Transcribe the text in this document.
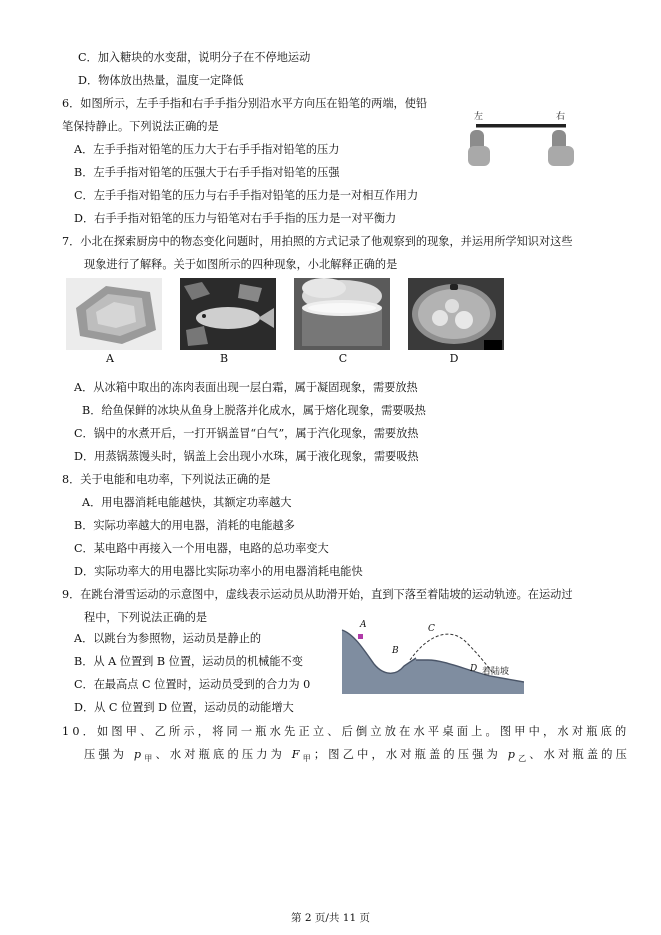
C．加入糖块的水变甜，说明分子在不停地运动
D．物体放出热量，温度一定降低
6．如图所示，左手手指和右手手指分别沿水平方向压在铅笔的两端，使铅
笔保持静止。下列说法正确的是
A．左手手指对铅笔的压力大于右手手指对铅笔的压力
B．左手手指对铅笔的压强大于右手手指对铅笔的压强
C．左手手指对铅笔的压力与右手手指对铅笔的压力是一对相互作用力
D．右手手指对铅笔的压力与铅笔对右手手指的压力是一对平衡力
左	右
7．小北在探索厨房中的物态变化问题时，用拍照的方式记录了他观察到的现象，并运用所学知识对这些
现象进行了解释。关于如图所示的四种现象，小北解释正确的是
A	B	C	D
A．从冰箱中取出的冻肉表面出现一层白霜，属于凝固现象，需要放热
B．给鱼保鲜的冰块从鱼身上脱落并化成水，属于熔化现象，需要吸热
C．锅中的水煮开后，一打开锅盖冒“白气”，属于汽化现象，需要放热
D．用蒸锅蒸馒头时，锅盖上会出现小水珠，属于液化现象，需要吸热
8．关于电能和电功率，下列说法正确的是
A．用电器消耗电能越快，其额定功率越大
B．实际功率越大的用电器，消耗的电能越多
C．某电路中再接入一个用电器，电路的总功率变大
D．实际功率大的用电器比实际功率小的用电器消耗电能快
9．在跳台滑雪运动的示意图中，虚线表示运动员从助滑开始，直到下落至着陆坡的运动轨迹。在运动过
程中，下列说法正确的是
A．以跳台为参照物，运动员是静止的
B．从 A 位置到 B 位置，运动员的机械能不变
C．在最高点 C 位置时，运动员受到的合力为 0
D．从 C 位置到 D 位置，运动员的动能增大
A
B
C
D 着陆坡
10．如图甲、乙所示，将同一瓶水先正立、后倒立放在水平桌面上。图甲中，水对瓶底的
压强为 $p_甲$、水对瓶底的压力为 $F_甲$；图乙中，水对瓶盖的压强为 $p_乙$、水对瓶盖的压
第 2 页/共 11 页
